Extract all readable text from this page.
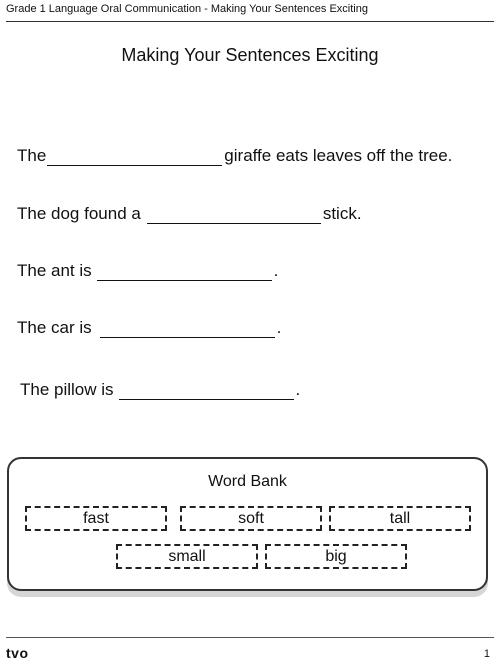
Grade 1 Language Oral Communication - Making Your Sentences Exciting
Making Your Sentences Exciting
The	giraffe eats leaves off the tree.
The dog found a	stick.
The ant is	.
The car is	.
The pillow is	.
Word Bank
fast	soft	tall
small	big
tvo	1
